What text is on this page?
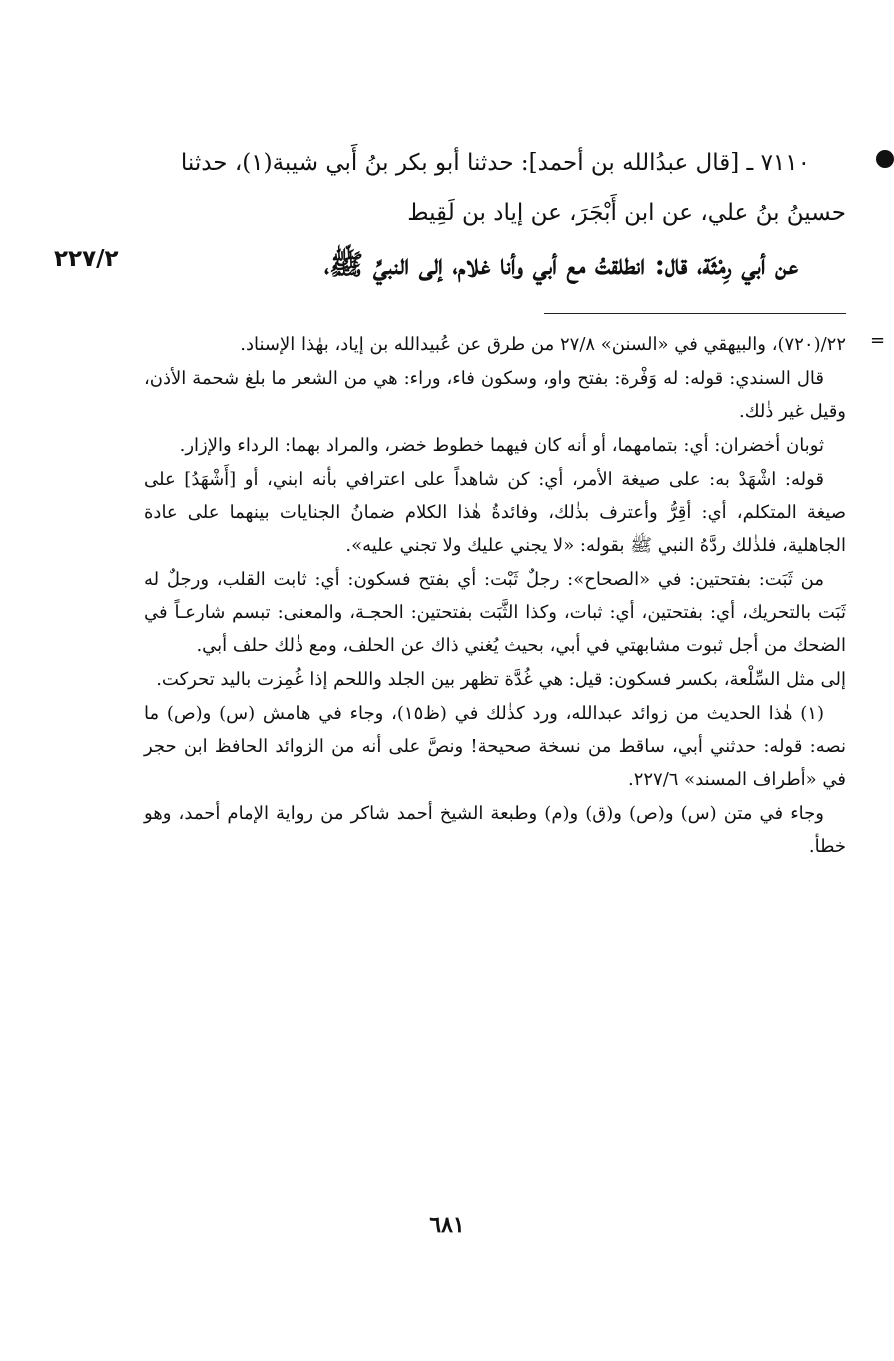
٧١١٠ ـ [قال عبدُالله بن أحمد]: حدثنا أبو بكر بنُ أَبي شيبة(١)، حدثنا
حسينُ بنُ علي، عن ابن أَبْجَرَ، عن إياد بن لَقِيط
عن أبي رِمْثَة، قال: انطلقتُ مع أبي وأنا غلام، إلى النبيِّ ﷺ،
٢٢٧/٢
=

٢٢/(٧٢٠)، والبيهقي في «السنن» ٢٧/٨ من طرق عن عُبيدالله بن إياد، بهٰذا الإسناد.

قال السندي: قوله: له وَفْرة: بفتح واو، وسكون فاء، وراء: هي من الشعر ما بلغ شحمة الأذن، وقيل غير ذٰلك.

ثوبان أخضران: أي: بتمامهما، أو أنه كان فيهما خطوط خضر، والمراد بهما: الرداء والإزار.

قوله: اشْهَدْ به: على صيغة الأمر، أي: كن شاهداً على اعترافي بأنه ابني، أو [أَشْهَدُ] على صيغة المتكلم، أي: أقِرُّ وأعترف بذٰلك، وفائدةُ هٰذا الكلام ضمانُ الجنايات بينهما على عادة الجاهلية، فلذٰلك ردَّهُ النبي ﷺ بقوله: «لا يجني عليك ولا تجني عليه».

من ثَبَت: بفتحتين: في «الصحاح»: رجلٌ ثَبْت: أي بفتح فسكون: أي: ثابت القلب، ورجلٌ له ثَبَت بالتحريك، أي: بفتحتين، أي: ثبات، وكذا الثَّبَت بفتحتين: الحجـة، والمعنى: تبسم شارعـاً في الضحك من أجل ثبوت مشابهتي في أبي، بحيث يُغني ذاك عن الحلف، ومع ذٰلك حلف أبي.

إلى مثل السِّلْعة، بكسر فسكون: قيل: هي غُدَّة تظهر بين الجلد واللحم إذا غُمِزت باليد تحركت.

(١) هٰذا الحديث من زوائد عبدالله، ورد كذٰلك في (ظ١٥)، وجاء في هامش (س) و(ص) ما نصه: قوله: حدثني أبي، ساقط من نسخة صحيحة! ونصَّ على أنه من الزوائد الحافظ ابن حجر في «أطراف المسند» ٢٢٧/٦.

وجاء في متن (س) و(ص) و(ق) و(م) وطبعة الشيخ أحمد شاكر من رواية الإمام أحمد، وهو خطأ.

٦٨١
